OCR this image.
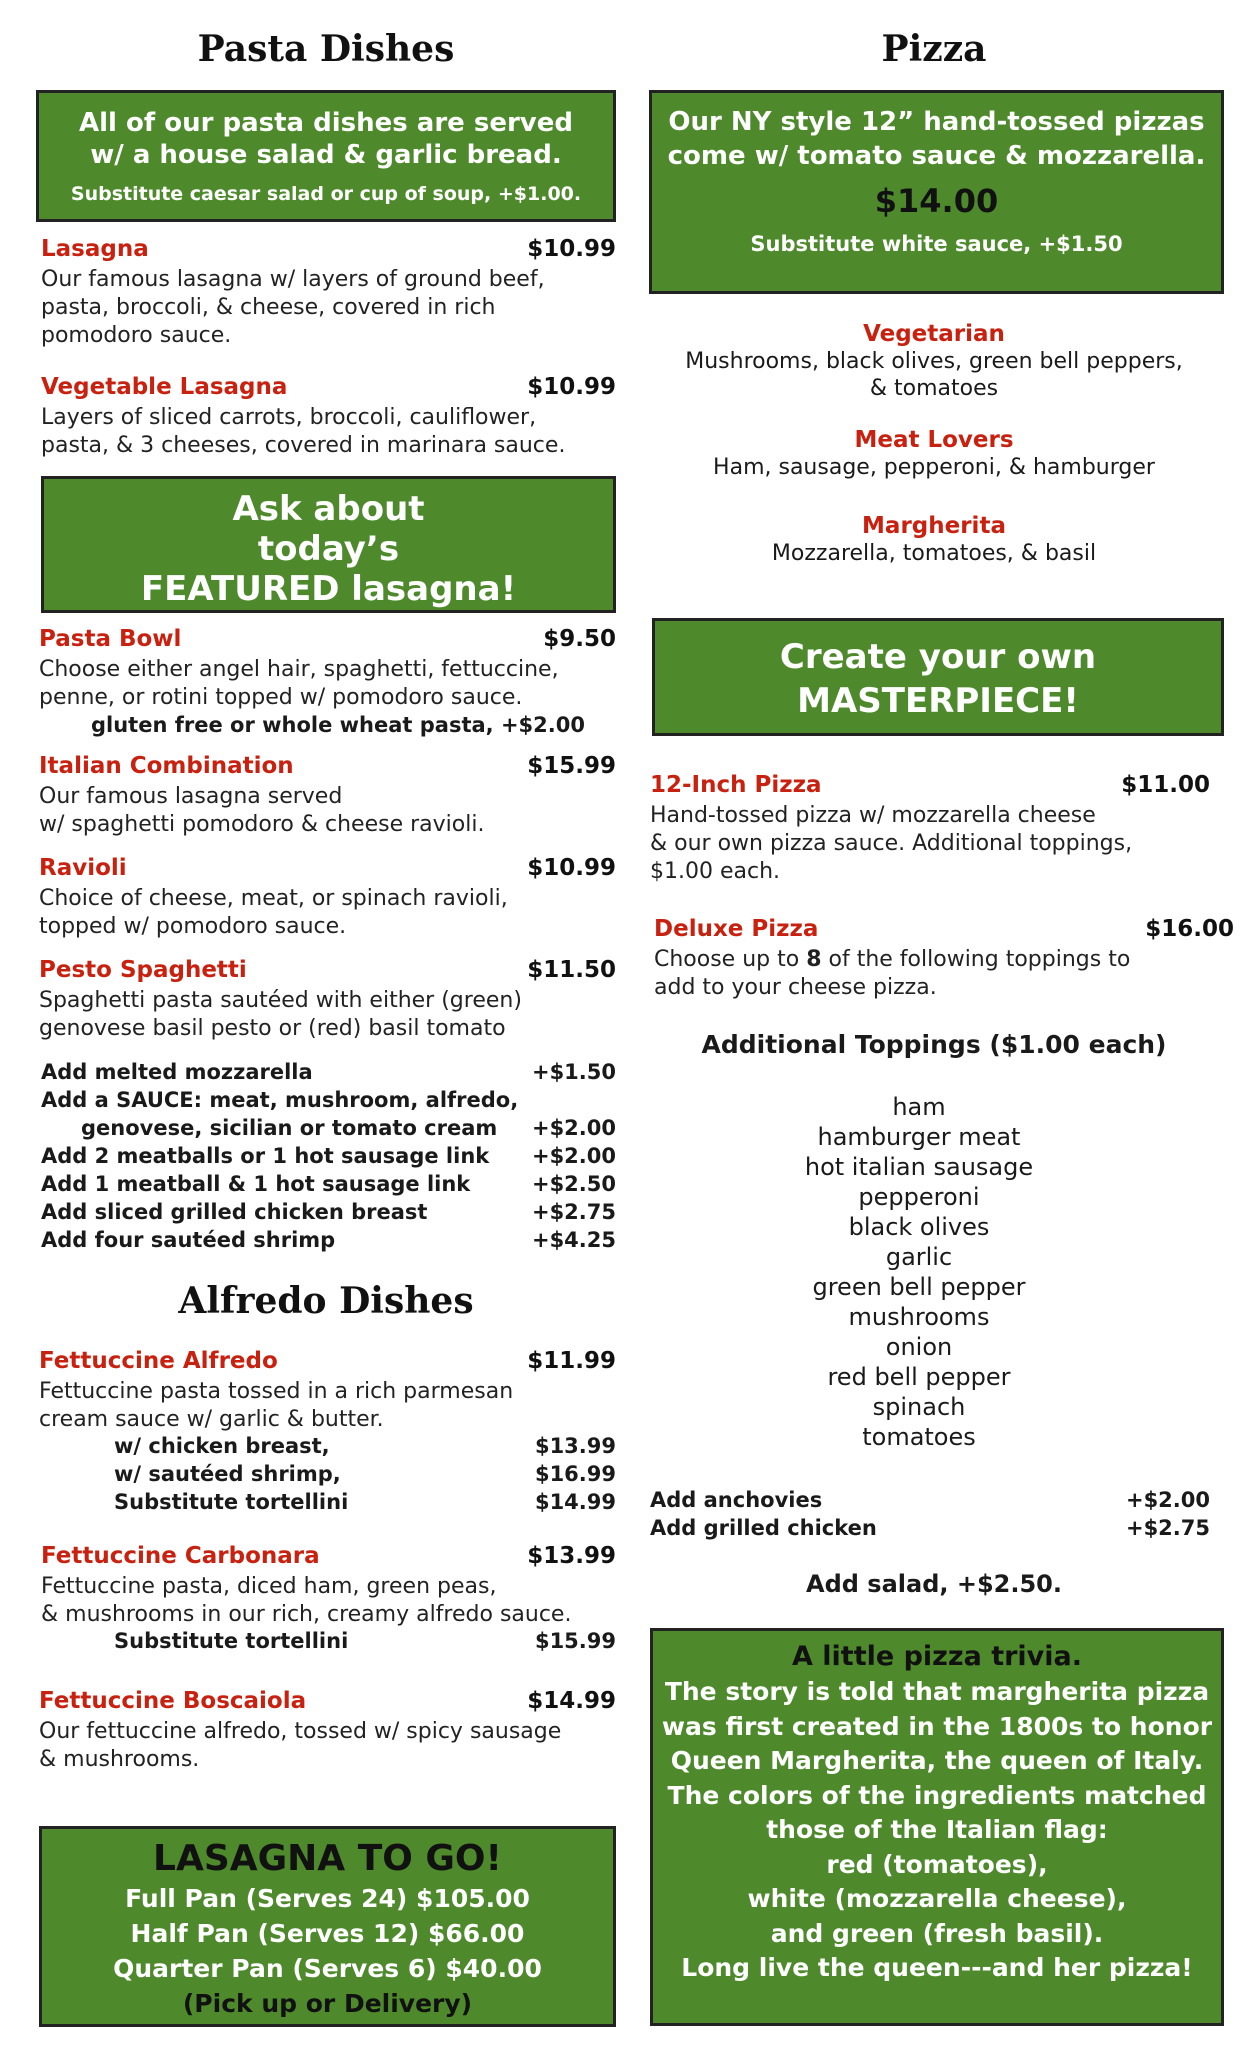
Pasta Dishes
All of our pasta dishes are served
w/ a house salad & garlic bread.
Substitute caesar salad or cup of soup, +$1.00.
Lasagna	$10.99
Our famous lasagna w/ layers of ground beef,
pasta, broccoli, & cheese, covered in rich
pomodoro sauce.
Vegetable Lasagna	$10.99
Layers of sliced carrots, broccoli, cauliflower,
pasta, & 3 cheeses, covered in marinara sauce.
Ask about
today’s
FEATURED lasagna!
Pasta Bowl	$9.50
Choose either angel hair, spaghetti, fettuccine,
penne, or rotini topped w/ pomodoro sauce.
gluten free or whole wheat pasta, +$2.00
Italian Combination	$15.99
Our famous lasagna served
w/ spaghetti pomodoro & cheese ravioli.
Ravioli	$10.99
Choice of cheese, meat, or spinach ravioli,
topped w/ pomodoro sauce.
Pesto Spaghetti	$11.50
Spaghetti pasta sautéed with either (green)
genovese basil pesto or (red) basil tomato
Add melted mozzarella	+$1.50
Add a SAUCE: meat, mushroom, alfredo,
genovese, sicilian or tomato cream +$2.00
Add 2 meatballs or 1 hot sausage link +$2.00
Add 1 meatball & 1 hot sausage link	+$2.50
Add sliced grilled chicken breast	+$2.75
Add four sautéed shrimp	+$4.25
Alfredo Dishes
Fettuccine Alfredo	$11.99
Fettuccine pasta tossed in a rich parmesan
cream sauce w/ garlic & butter.
w/ chicken breast,	$13.99
w/ sautéed shrimp,	$16.99
Substitute tortellini	$14.99
Fettuccine Carbonara	$13.99
Fettuccine pasta, diced ham, green peas,
& mushrooms in our rich, creamy alfredo sauce.
Substitute tortellini	$15.99
Fettuccine Boscaiola	$14.99
Our fettuccine alfredo, tossed w/ spicy sausage
& mushrooms.
LASAGNA TO GO!
Full Pan (Serves 24) $105.00
Half Pan (Serves 12) $66.00
Quarter Pan (Serves 6) $40.00
(Pick up or Delivery)
Pizza
Our NY style 12” hand-tossed pizzas
come w/ tomato sauce & mozzarella.
$14.00
Substitute white sauce, +$1.50
Vegetarian
Mushrooms, black olives, green bell peppers,
& tomatoes
Meat Lovers
Ham, sausage, pepperoni, & hamburger
Margherita
Mozzarella, tomatoes, & basil
Create your own
MASTERPIECE!
12-Inch Pizza	$11.00
Hand-tossed pizza w/ mozzarella cheese
& our own pizza sauce. Additional toppings,
$1.00 each.
Deluxe Pizza	$16.00
Choose up to 8 of the following toppings to
add to your cheese pizza.
Additional Toppings ($1.00 each)
ham
hamburger meat
hot italian sausage
pepperoni
black olives
garlic
green bell pepper
mushrooms
onion
red bell pepper
spinach
tomatoes
Add anchovies	+$2.00
Add grilled chicken	+$2.75
Add salad, +$2.50.
A little pizza trivia.
The story is told that margherita pizza
was first created in the 1800s to honor
Queen Margherita, the queen of Italy.
The colors of the ingredients matched
those of the Italian flag:
red (tomatoes),
white (mozzarella cheese),
and green (fresh basil).
Long live the queen---and her pizza!
